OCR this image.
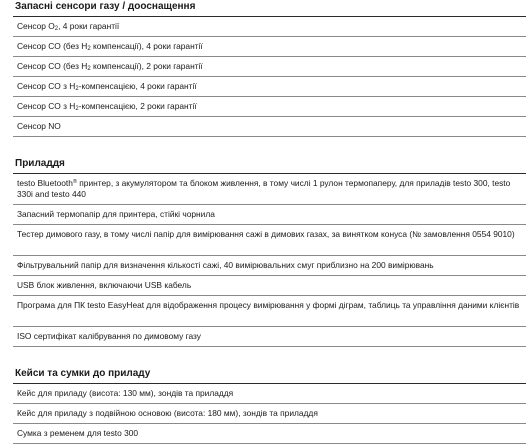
Запасні сенсори газу / дооснащення
Сенсор $O_2$, 4 роки гарантії
Сенсор CO (без $H_2$ компенсації), 4 роки гарантії
Сенсор CO (без $H_2$ компенсації), 2 роки гарантії
Сенсор CO з $H_2$-компенсацією, 4 роки гарантії
Сенсор CO з $H_2$-компенсацією, 2 роки гарантії
Сенсор NO
Приладдя
testo Bluetooth® принтер, з акумулятором та блоком живлення, в тому числі 1 рулон термопаперу, для приладів testo 300, testo 330i and testo 440
Запасний термопапір для принтера, стійкі чорнила
Тестер димового газу, в тому числі папір для вимірювання сажі в димових газах, за винятком конуса (№ замовлення 0554 9010)
Фільтрувальний папір для визначення кількості сажі, 40 вимірювальних смуг приблизно на 200 вимірювань
USB блок живлення, включаючи USB кабель
Програма для ПК testo EasyHeat для відображення процесу вимірювання у формі діграм, таблиць та управління даними клієнтів
ISO сертифікат калібрування по димовому газу
Кейси та сумки до приладу
Кейс для приладу (висота: 130 мм), зондів та приладдя
Кейс для приладу з подвійною основою (висота: 180 мм), зондів та приладдя
Сумка з ременем для testo 300
